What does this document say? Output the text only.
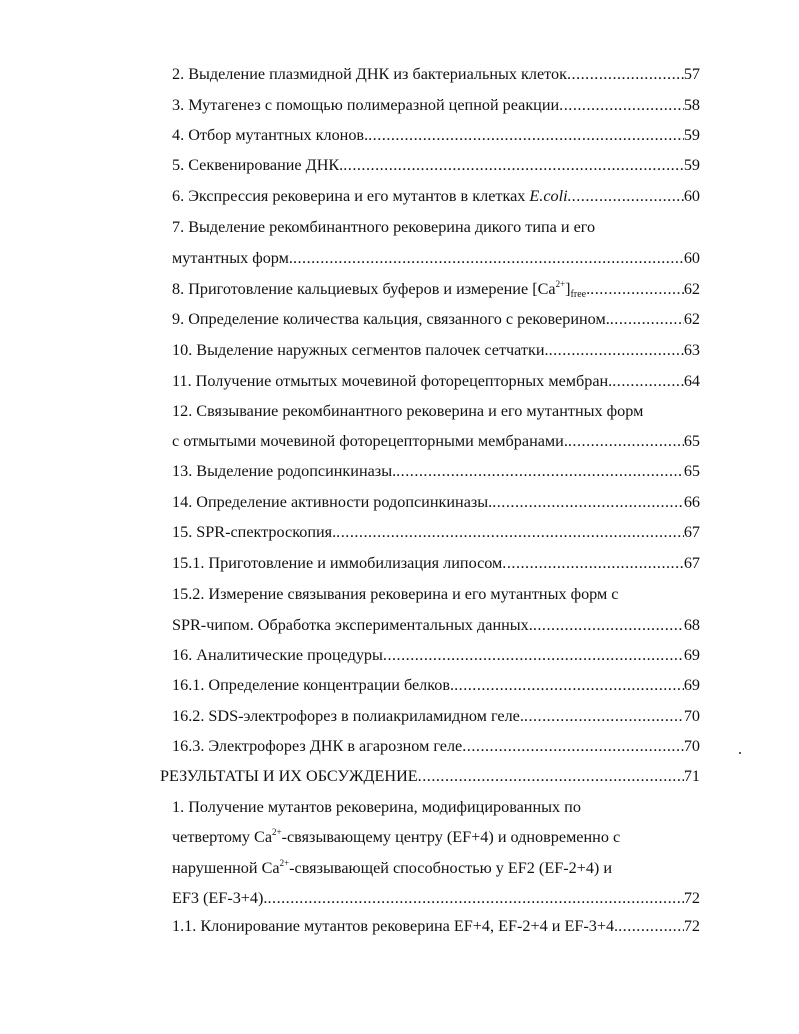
2. Выделение плазмидной ДНК из бактериальных клеток .....	57
3. Мутагенез с помощью полимеразной цепной реакции .....	58
4. Отбор мутантных клонов. .....	59
5. Секвенирование ДНК. .....	59
6. Экспрессия рековерина и его мутантов в клетках E.coli. .....	60
7. Выделение рекомбинантного рековерина дикого типа и его
мутантных форм. .....	60
8. Приготовление кальциевых буферов и измерение $[Ca^{2+}]_{free}$. .....	62
9. Определение количества кальция, связанного с рековерином. .....	62
10. Выделение наружных сегментов палочек сетчатки. .....	63
11. Получение отмытых мочевиной фоторецепторных мембран. .....	64
12. Связывание рекомбинантного рековерина и его мутантных форм
с отмытыми мочевиной фоторецепторными мембранами. .....	65
13. Выделение родопсинкиназы. .....	65
14. Определение активности родопсинкиназы. .....	66
15. SPR-спектроскопия. .....	67
15.1. Приготовление и иммобилизация липосом .....	67
15.2. Измерение связывания рековерина и его мутантных форм с
SPR-чипом. Обработка экспериментальных данных. .....	68
16. Аналитические процедуры .....	69
16.1. Определение концентрации белков. .....	69
16.2. SDS-электрофорез в полиакриламидном геле. .....	70
16.3. Электрофорез ДНК в агарозном геле .....	70
РЕЗУЛЬТАТЫ И ИХ ОБСУЖДЕНИЕ .....	71
1. Получение мутантов рековерина, модифицированных по
четвертому $Ca^{2+}$-связывающему центру (EF+4) и одновременно с
нарушенной $Ca^{2+}$-связывающей способностью у EF2 (EF-2+4) и
EF3 (EF-3+4). .....	72
1.1. Клонирование мутантов рековерина EF+4, EF-2+4 и EF-3+4. .....	72
